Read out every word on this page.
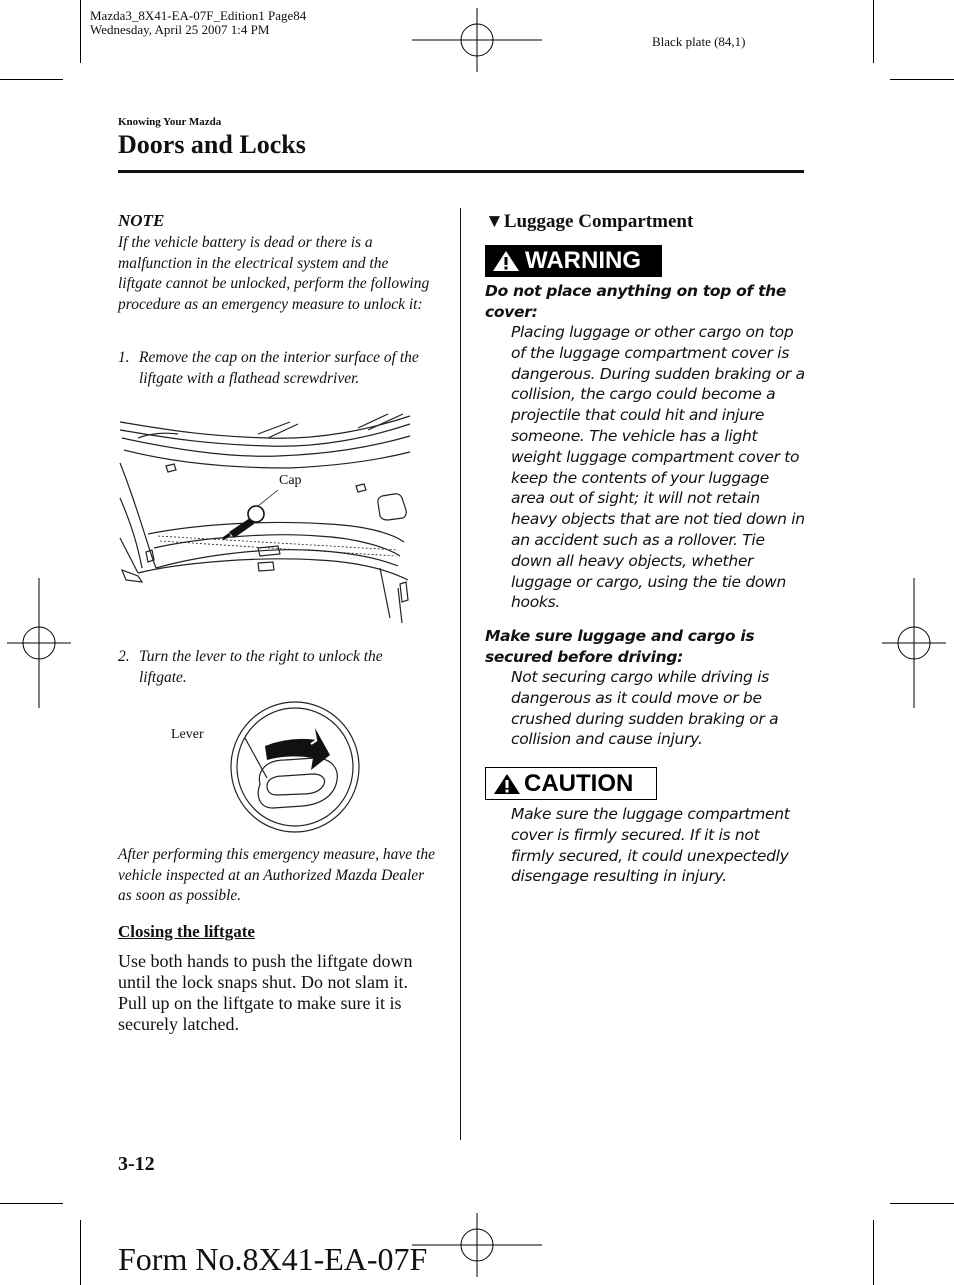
Mazda3_8X41-EA-07F_Edition1 Page84
Wednesday, April 25 2007 1:4 PM
Black plate (84,1)
Knowing Your Mazda
Doors and Locks
NOTE
If the vehicle battery is dead or there is a malfunction in the electrical system and the liftgate cannot be unlocked, perform the following procedure as an emergency measure to unlock it:
1. Remove the cap on the interior surface of the liftgate with a flathead screwdriver.
Cap
2. Turn the lever to the right to unlock the liftgate.
Lever
After performing this emergency measure, have the vehicle inspected at an Authorized Mazda Dealer as soon as possible.
Closing the liftgate
Use both hands to push the liftgate down until the lock snaps shut. Do not slam it. Pull up on the liftgate to make sure it is securely latched.
▼Luggage Compartment
WARNING
Do not place anything on top of the cover:
Placing luggage or other cargo on top of the luggage compartment cover is dangerous. During sudden braking or a collision, the cargo could become a projectile that could hit and injure someone. The vehicle has a light weight luggage compartment cover to keep the contents of your luggage area out of sight; it will not retain heavy objects that are not tied down in an accident such as a rollover. Tie down all heavy objects, whether luggage or cargo, using the tie down hooks.
Make sure luggage and cargo is secured before driving:
Not securing cargo while driving is dangerous as it could move or be crushed during sudden braking or a collision and cause injury.
CAUTION
Make sure the luggage compartment cover is firmly secured. If it is not firmly secured, it could unexpectedly disengage resulting in injury.
3-12
Form No.8X41-EA-07F
